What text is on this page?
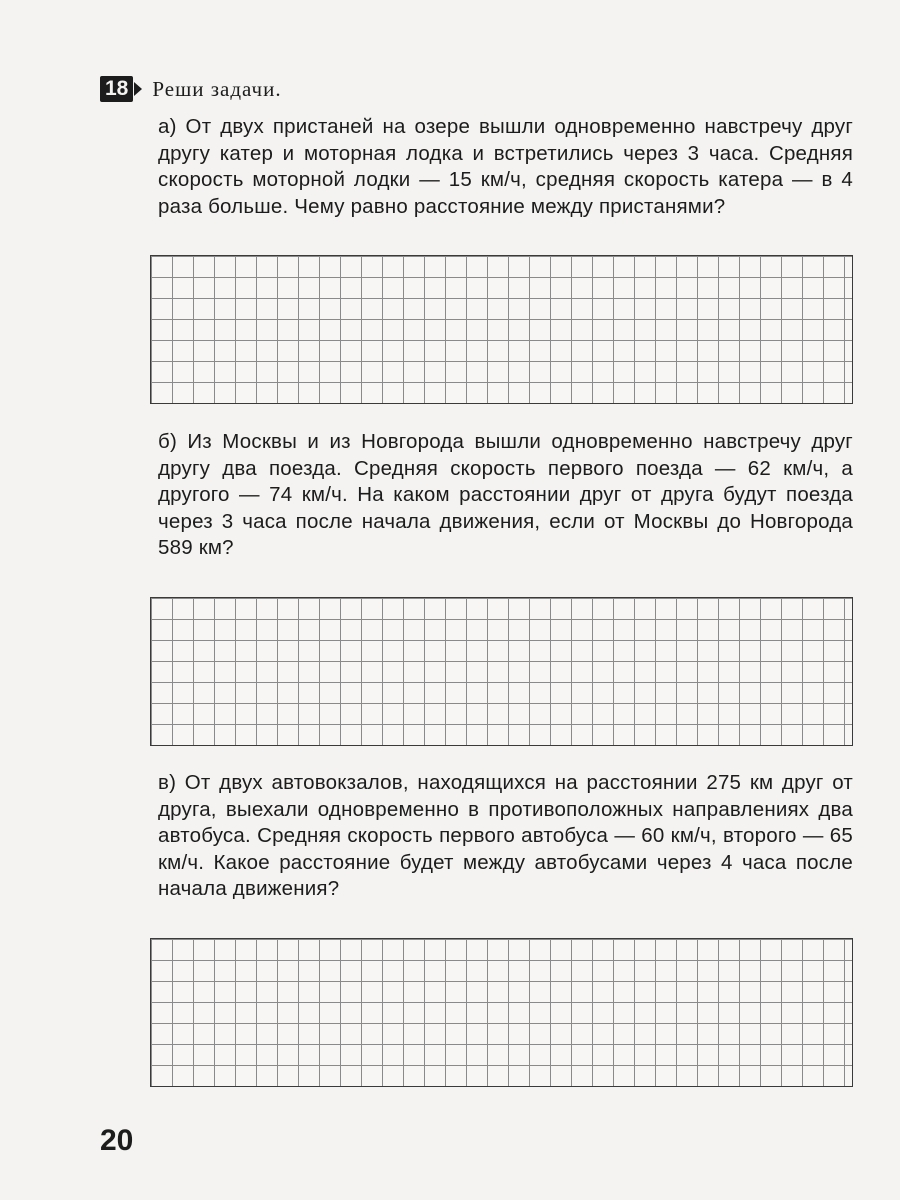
18 Реши задачи.

а) От двух пристаней на озере вышли одновременно навстречу друг другу катер и моторная лодка и встретились через 3 часа. Средняя скорость моторной лодки — 15 км/ч, средняя скорость катера — в 4 раза больше. Чему равно расстояние между пристанями?

б) Из Москвы и из Новгорода вышли одновременно навстречу друг другу два поезда. Средняя скорость первого поезда — 62 км/ч, а другого — 74 км/ч. На каком расстоянии друг от друга будут поезда через 3 часа после начала движения, если от Москвы до Новгорода 589 км?

в) От двух автовокзалов, находящихся на расстоянии 275 км друг от друга, выехали одновременно в противоположных направлениях два автобуса. Средняя скорость первого автобуса — 60 км/ч, второго — 65 км/ч. Какое расстояние будет между автобусами через 4 часа после начала движения?

20
